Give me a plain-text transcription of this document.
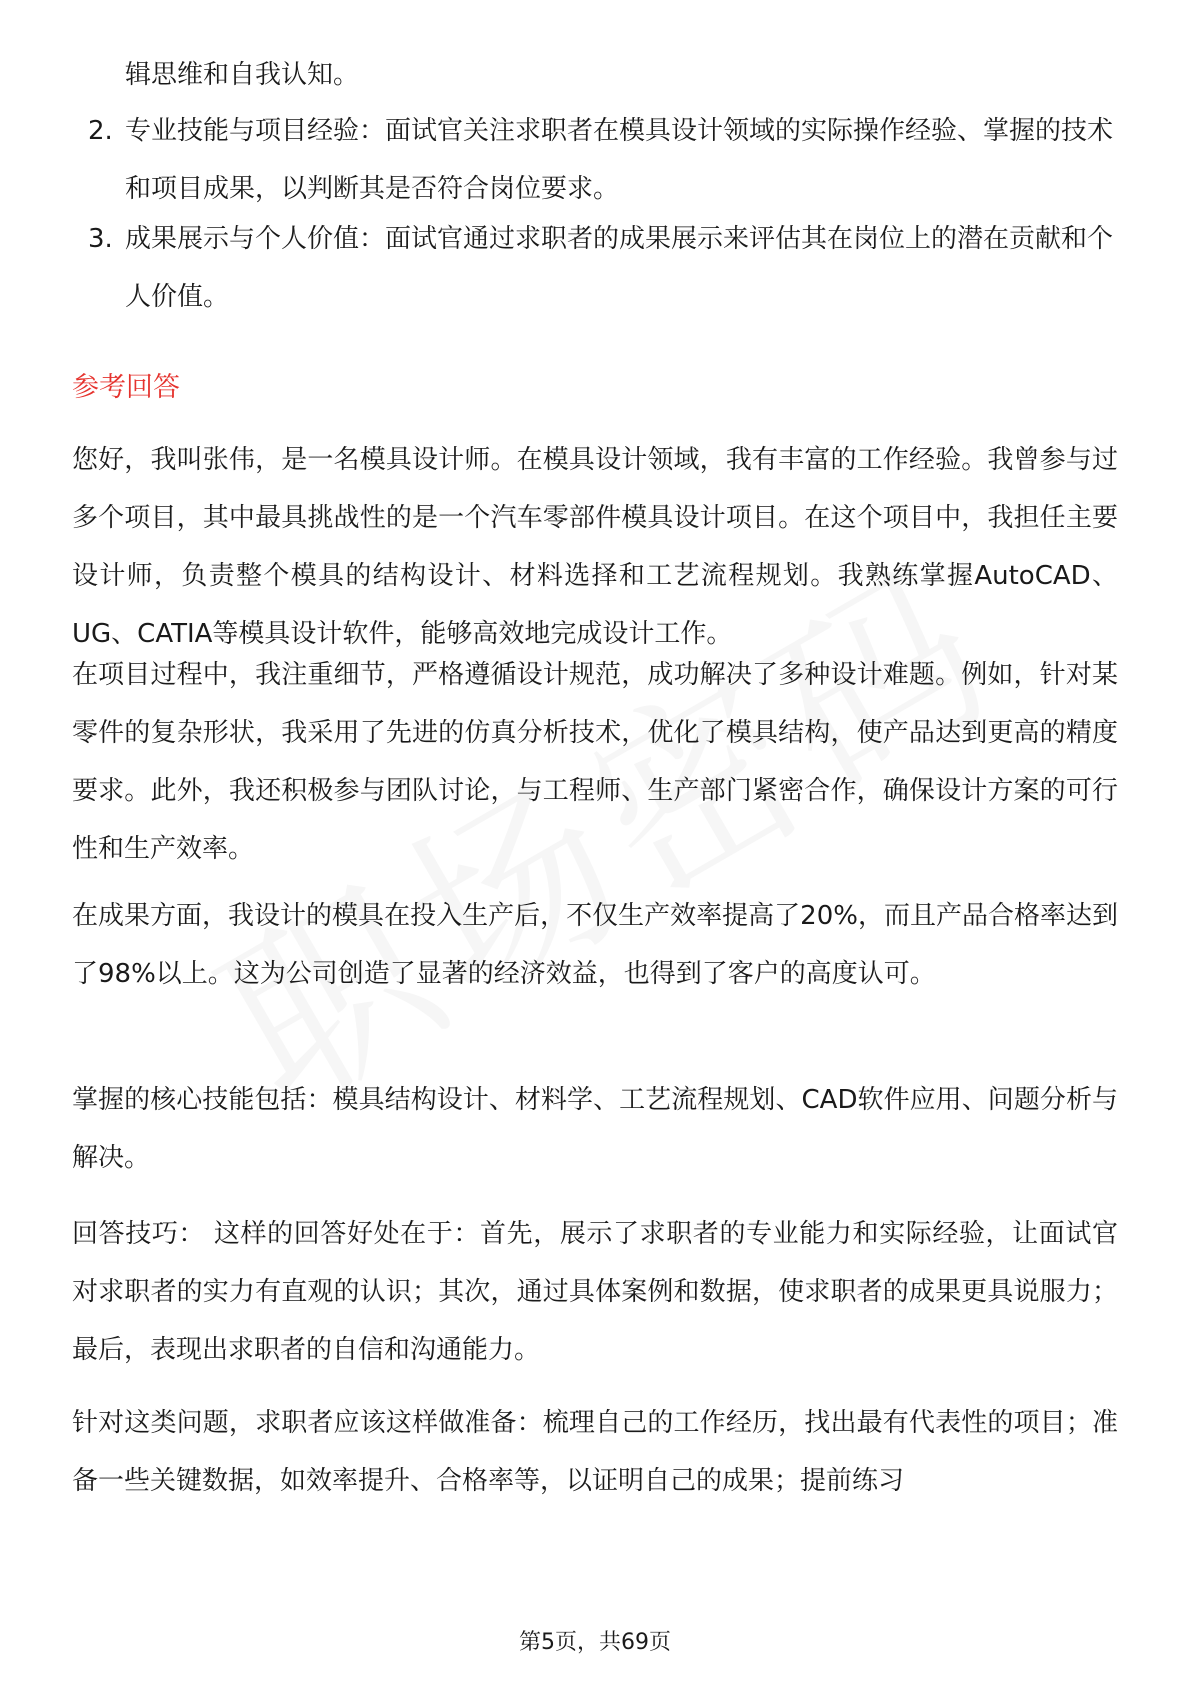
辑思维和自我认知。

2. 专业技能与项目经验：面试官关注求职者在模具设计领域的实际操作经验、掌握的技术和项目成果，以判断其是否符合岗位要求。
3. 成果展示与个人价值：面试官通过求职者的成果展示来评估其在岗位上的潜在贡献和个人价值。
参考回答

您好，我叫张伟，是一名模具设计师。在模具设计领域，我有丰富的工作经验。我曾参与过多个项目，其中最具挑战性的是一个汽车零部件模具设计项目。在这个项目中，我担任主要设计师，负责整个模具的结构设计、材料选择和工艺流程规划。我熟练掌握AutoCAD、UG、CATIA等模具设计软件，能够高效地完成设计工作。

在项目过程中，我注重细节，严格遵循设计规范，成功解决了多种设计难题。例如，针对某零件的复杂形状，我采用了先进的仿真分析技术，优化了模具结构，使产品达到更高的精度要求。此外，我还积极参与团队讨论，与工程师、生产部门紧密合作，确保设计方案的可行性和生产效率。

在成果方面，我设计的模具在投入生产后，不仅生产效率提高了20%，而且产品合格率达到了98%以上。这为公司创造了显著的经济效益，也得到了客户的高度认可。

掌握的核心技能包括：模具结构设计、材料学、工艺流程规划、CAD软件应用、问题分析与解决。

回答技巧： 这样的回答好处在于：首先，展示了求职者的专业能力和实际经验，让面试官对求职者的实力有直观的认识；其次，通过具体案例和数据，使求职者的成果更具说服力；最后，表现出求职者的自信和沟通能力。

针对这类问题，求职者应该这样做准备：梳理自己的工作经历，找出最有代表性的项目；准备一些关键数据，如效率提升、合格率等，以证明自己的成果；提前练习

第5页，共69页
